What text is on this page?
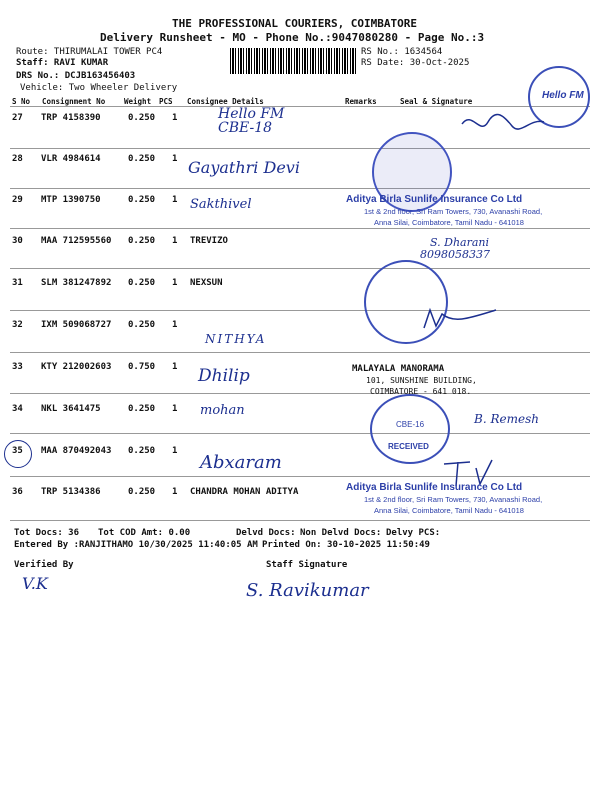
THE PROFESSIONAL COURIERS, COIMBATORE
Delivery Runsheet - MO - Phone No.:9047080280 - Page No.:3
Route: THIRUMALAI TOWER PC4
Staff: RAVI KUMAR
DRS No.: DCJB163456403
Vehicle: Two Wheeler Delivery
RS No.: 1634564
RS Date: 30-Oct-2025
S No Consignment No	Weight PCS Consignee Details	Remarks	Seal & Signature
27 TRP 4158390	0.250 1	Hello FM CBE-18
28 VLR 4984614	0.250 1 Gayathri Devi
29 MTP 1390750	0.250 1 Sakthivel
30 MAA 712595560 0.250 1 TREVIZO
31 SLM 381247892 0.250 1 NEXSUN
32 IXM 509068727 0.250 1
NITHYA
33 KTY 212002603 0.750 1 Dhilip
34 NKL 3641475	0.250 1 mohan
35 MAA 870492043 0.250 1
Abxaram
36 TRP 5134386	0.250 1 CHANDRA MOHAN ADITYA
Hello FM
Aditya Birla Sunlife Insurance Co Ltd
1st & 2nd floor, Sri Ram Towers, 730, Avanashi Road,
Anna Silai, Coimbatore, Tamil Nadu - 641018
S. Dharani
8098058337
MALAYALA MANORAMA
101, SUNSHINE BUILDING,
COIMBATORE - 641 018.
CBE-16
RECEIVED
B. Remesh
Aditya Birla Sunlife Insurance Co Ltd
1st & 2nd floor, Sri Ram Towers, 730, Avanashi Road,
Anna Silai, Coimbatore, Tamil Nadu - 641018
Tot Docs: 36 Tot COD Amt: 0.00	Delvd Docs: Non Delvd Docs: Delvy PCS:
Entered By :RANJITHAMO 10/30/2025 11:40:05 AM Printed On: 30-10-2025 11:50:49
Verified By	Staff Signature
V.K	S. Ravikumar
